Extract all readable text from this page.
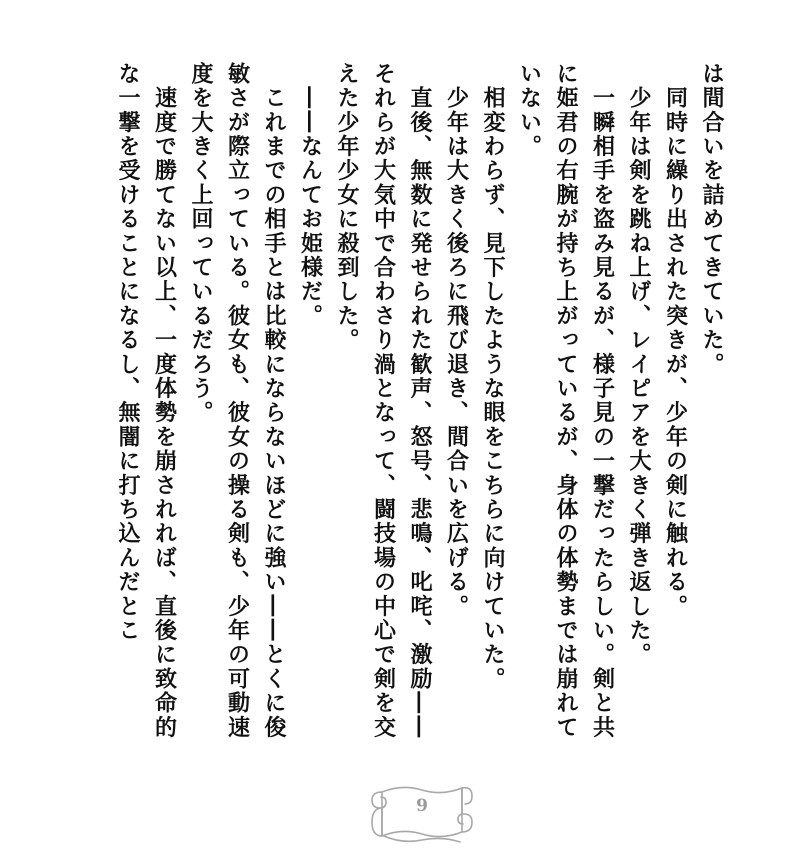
は間合いを詰めてきていた。

　同時に繰り出された突きが、少年の剣に触れる。

　少年は剣を跳ね上げ、レイピアを大きく弾き返した。

　一瞬相手を盗み見るが、様子見の一撃だったらしい。剣と共に姫君の右腕が持ち上がっているが、身体の体勢までは崩れていない。

　相変わらず、見下したような眼をこちらに向けていた。

　少年は大きく後ろに飛び退き、間合いを広げる。

　直後、無数に発せられた歓声、怒号、悲鳴、叱咤、激励――それらが大気中で合わさり渦となって、闘技場の中心で剣を交えた少年少女に殺到した。

　――なんてお姫様だ。

　これまでの相手とは比較にならないほどに強い――とくに俊敏さが際立っている。彼女も、彼女の操る剣も、少年の可動速度を大きく上回っているだろう。

　速度で勝てない以上、一度体勢を崩されれば、直後に致命的な一撃を受けることになるし、無闇に打ち込んだとこ

9
